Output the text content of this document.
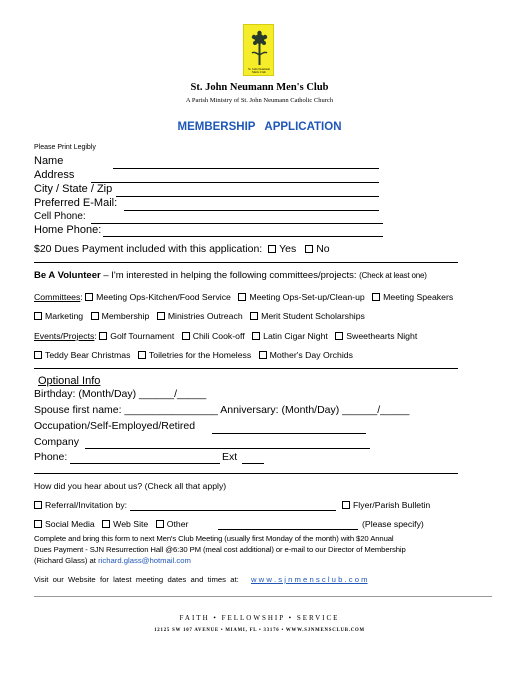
St. John Neumann Men's Club
St. John Neumann Men's Club
A Parish Ministry of St. John Neumann Catholic Church
MEMBERSHIP   APPLICATION
Please Print Legibly
Name
Address
City / State / Zip
Preferred E-Mail:
Cell Phone:
Home Phone:
$20 Dues Payment included with this application: Yes No
Be A Volunteer – I'm interested in helping the following committees/projects: (Check at least one)
Committees: Meeting Ops-Kitchen/Food Service Meeting Ops-Set-up/Clean-up Meeting Speakers
Marketing Membership Ministries Outreach Merit Student Scholarships
Events/Projects: Golf Tournament Chili Cook-off Latin Cigar Night Sweethearts Night
Teddy Bear Christmas Toiletries for the Homeless Mother's Day Orchids
Optional Info
Birthday: (Month/Day) ______/_____
Spouse first name: ________________ Anniversary: (Month/Day) ______/_____
Occupation/Self-Employed/Retired
Company
Phone:	Ext
How did you hear about us? (Check all that apply)
Referral/Invitation by:	Flyer/Parish Bulletin
Social Media Web Site Other	(Please specify)
Complete and bring this form to next Men's Club Meeting (usually first Monday of the month) with $20 Annual
Dues Payment - SJN Resurrection Hall @6:30 PM (meal cost additional) or e-mail to our Director of Membership
(Richard Glass) at richard.glass@hotmail.com
Visit  our  Website  for  latest  meeting  dates  and  times  at: w w w . s j n m e n s c l u b . c o m
FAITH • FELLOWSHIP • SERVICE
12125 SW 107 AVENUE • MIAMI, FL • 33176 • WWW.SJNMENSCLUB.COM
